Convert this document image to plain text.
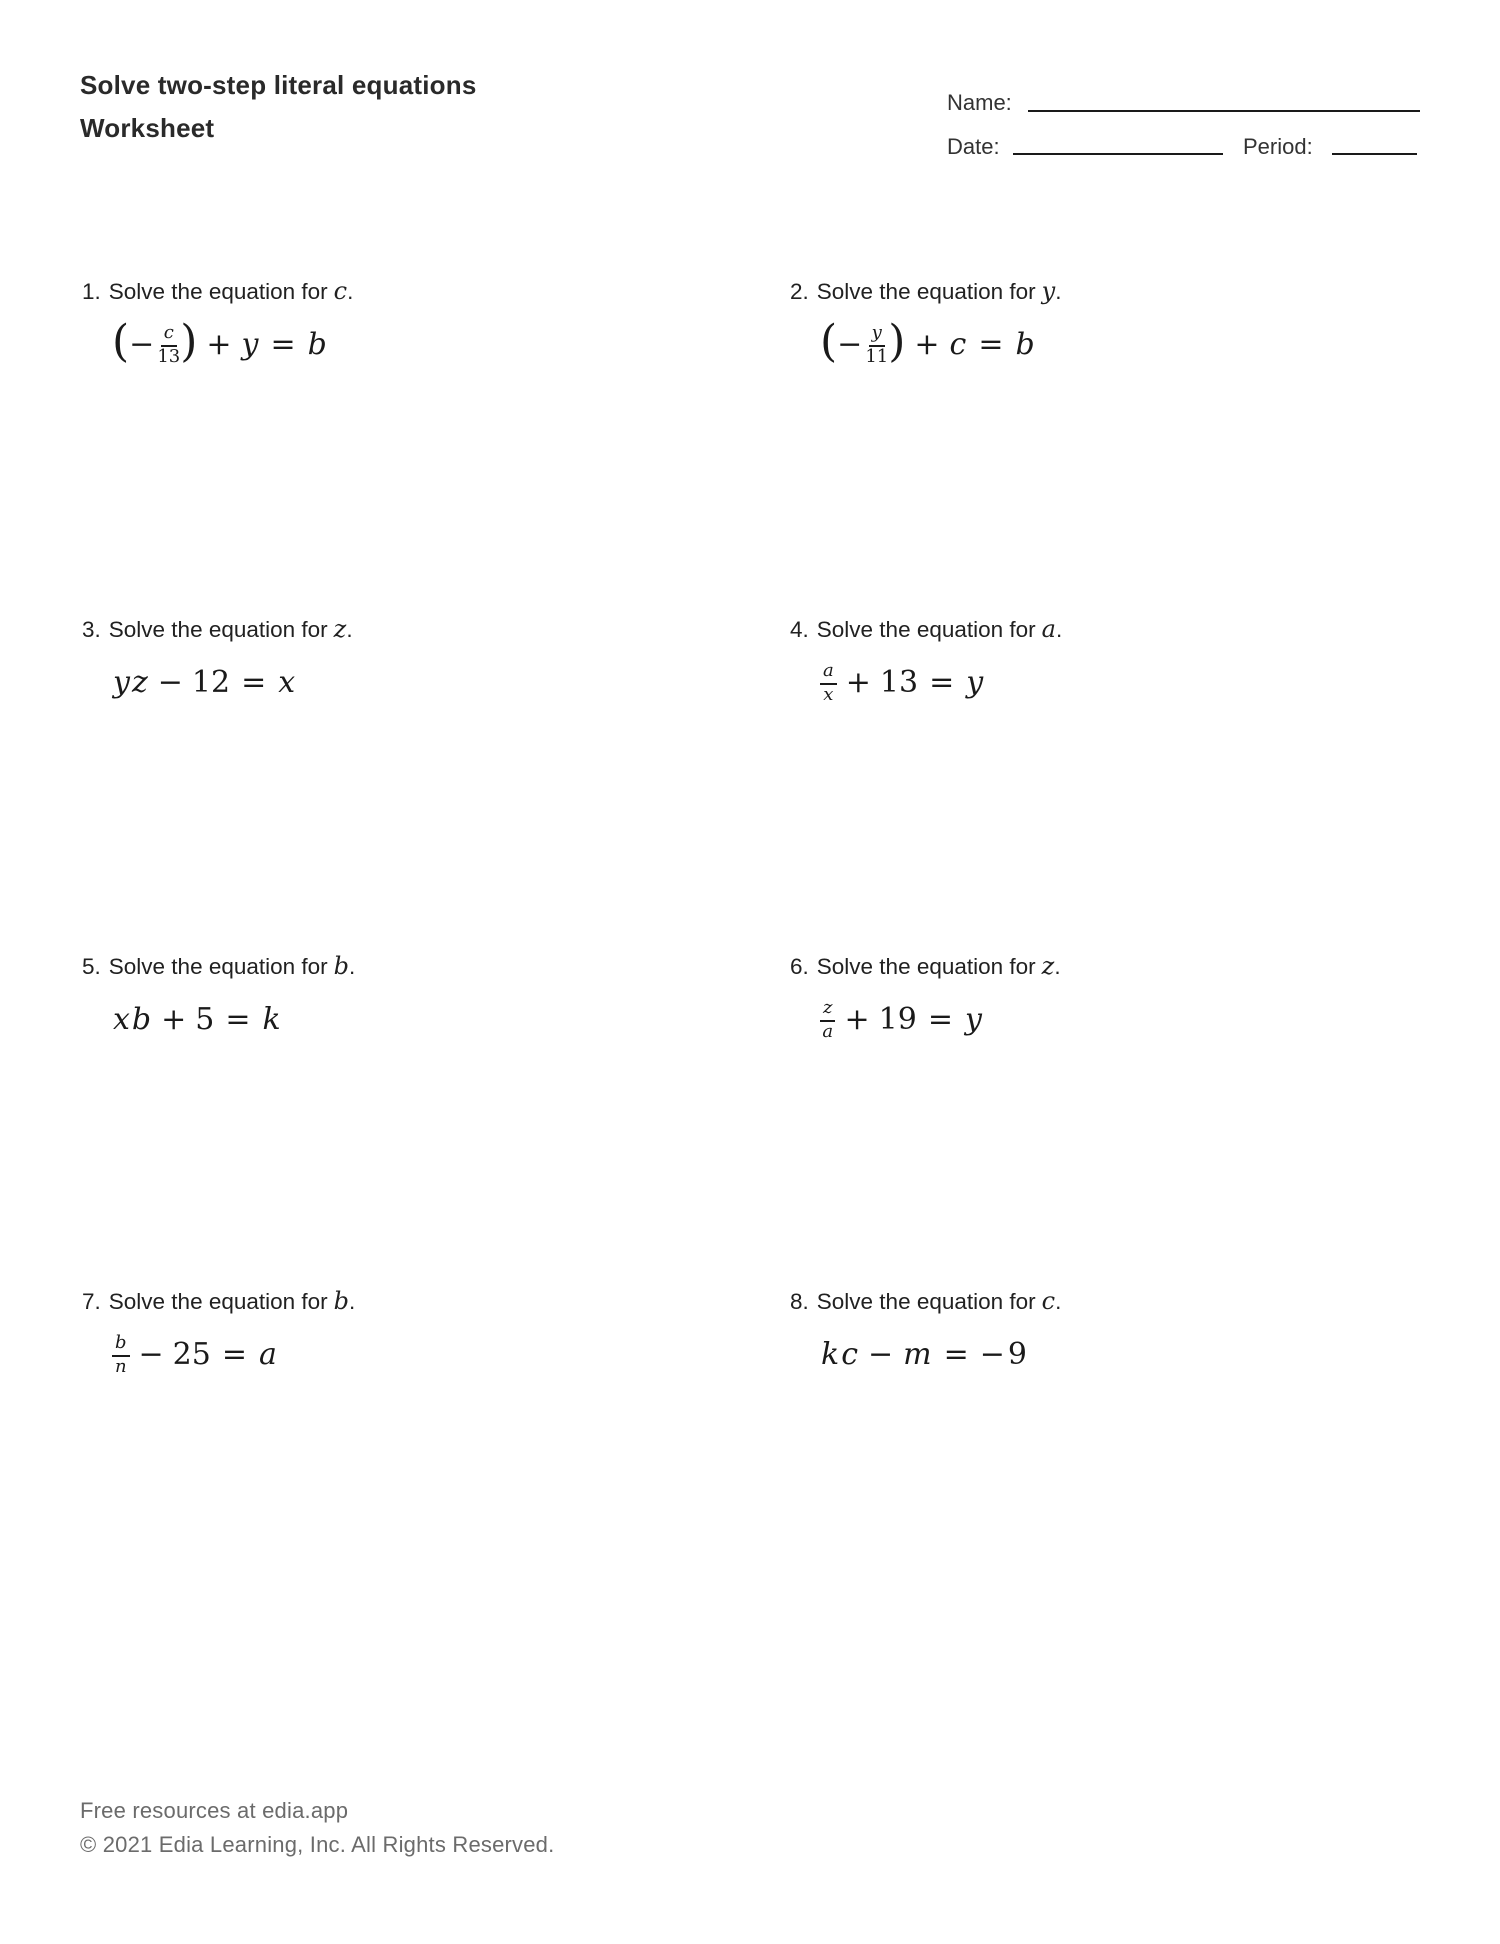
Solve two-step literal equations
Worksheet
Name:
Date:	Period:
1. Solve the equation for c.
( − $\frac{c}{13}$ ) + y = b
2. Solve the equation for y.
( − $\frac{y}{11}$ ) + c = b
3. Solve the equation for z.
y z − 12 = x
4. Solve the equation for a.
$\frac{a}{x} + 13 = y$
5. Solve the equation for b.
x b + 5 = k
6. Solve the equation for z.
$\frac{z}{a} + 19 = y$
7. Solve the equation for b.
$\frac{b}{n} - 25 = a$
8. Solve the equation for c.
k c − m = − 9
Free resources at edia.app
© 2021 Edia Learning, Inc. All Rights Reserved.
